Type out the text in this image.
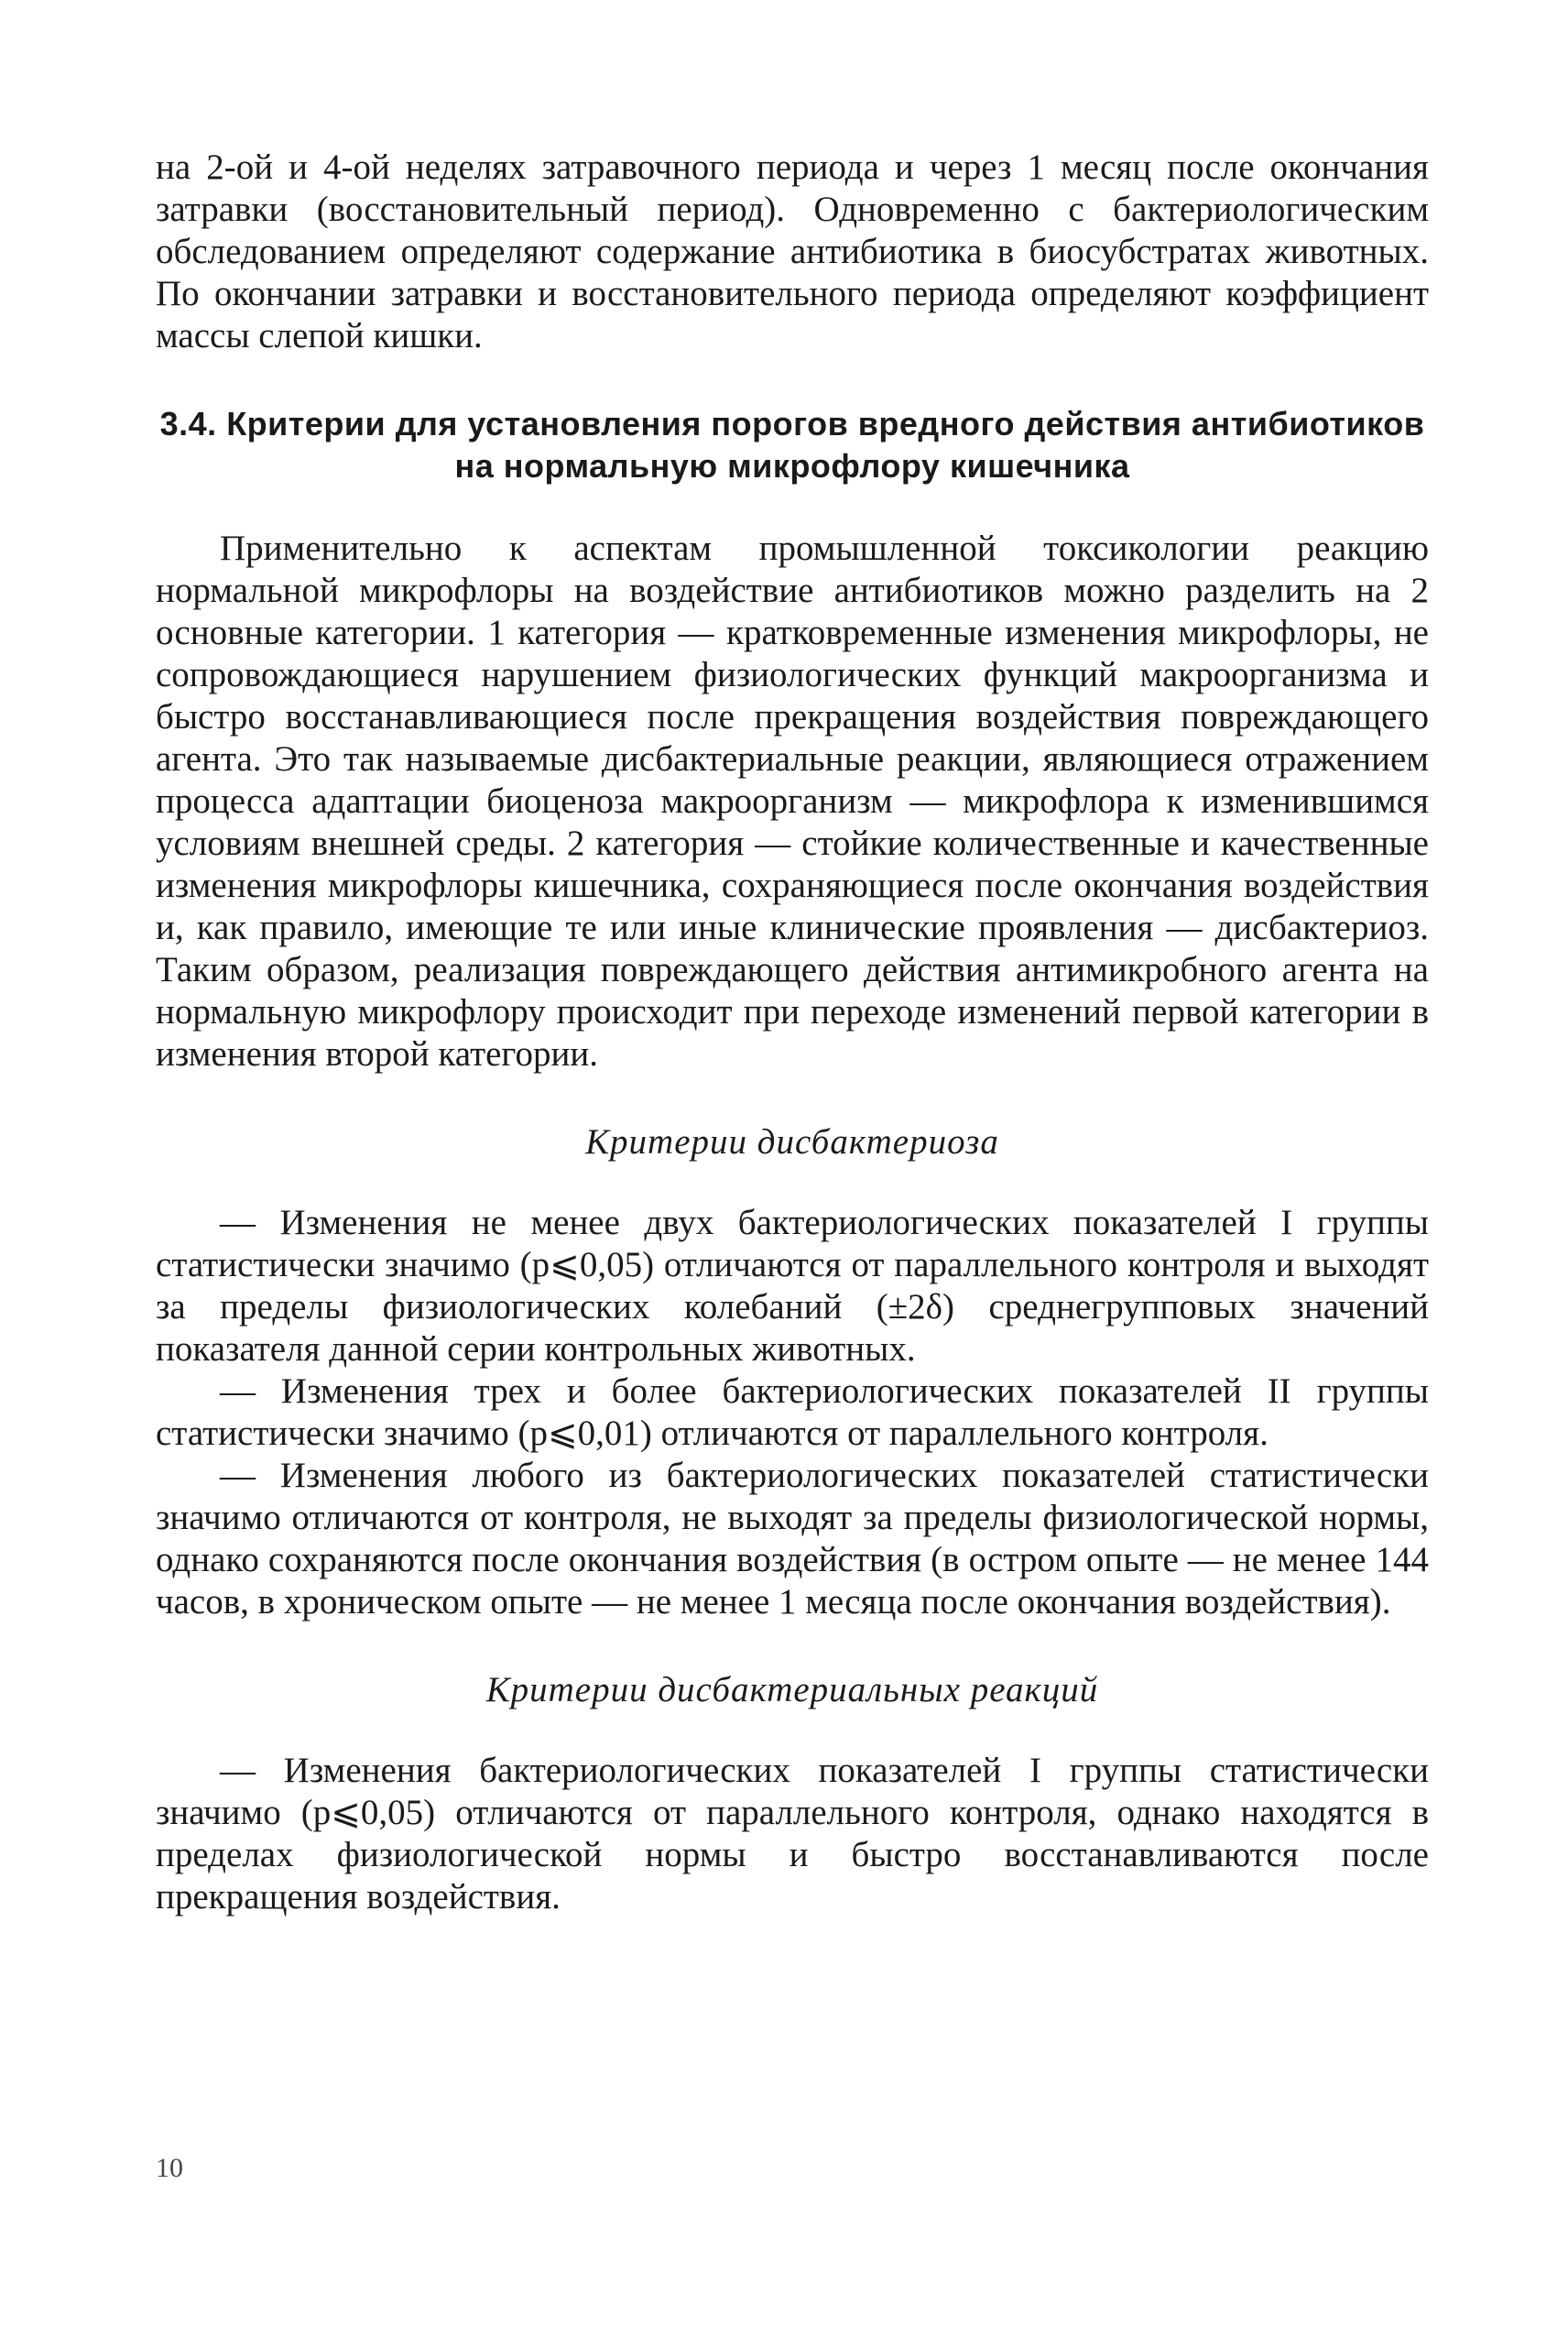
на 2-ой и 4-ой неделях затравочного периода и через 1 месяц после окончания затравки (восстановительный период). Одновременно с бактериологическим обследованием определяют содержание антибиотика в биосубстратах животных. По окончании затравки и восстановительного периода определяют коэффициент массы слепой кишки.

3.4. Критерии для установления порогов вредного действия антибиотиков на нормальную микрофлору кишечника

Применительно к аспектам промышленной токсикологии реакцию нормальной микрофлоры на воздействие антибиотиков можно разделить на 2 основные категории. 1 категория — кратковременные изменения микрофлоры, не сопровождающиеся нарушением физиологических функций макроорганизма и быстро восстанавливающиеся после прекращения воздействия повреждающего агента. Это так называемые дисбактериальные реакции, являющиеся отражением процесса адаптации биоценоза макроорганизм — микрофлора к изменившимся условиям внешней среды. 2 категория — стойкие количественные и качественные изменения микрофлоры кишечника, сохраняющиеся после окончания воздействия и, как правило, имеющие те или иные клинические проявления — дисбактериоз. Таким образом, реализация повреждающего действия антимикробного агента на нормальную микрофлору происходит при переходе изменений первой категории в изменения второй категории.

Критерии дисбактериоза

— Изменения не менее двух бактериологических показателей I группы статистически значимо (p⩽0,05) отличаются от параллельного контроля и выходят за пределы физиологических колебаний (±2δ) среднегрупповых значений показателя данной серии контрольных животных.

— Изменения трех и более бактериологических показателей II группы статистически значимо (p⩽0,01) отличаются от параллельного контроля.

— Изменения любого из бактериологических показателей статистически значимо отличаются от контроля, не выходят за пределы физиологической нормы, однако сохраняются после окончания воздействия (в остром опыте — не менее 144 часов, в хроническом опыте — не менее 1 месяца после окончания воздействия).

Критерии дисбактериальных реакций

— Изменения бактериологических показателей I группы статистически значимо (p⩽0,05) отличаются от параллельного контроля, однако находятся в пределах физиологической нормы и быстро восстанавливаются после прекращения воздействия.

10
